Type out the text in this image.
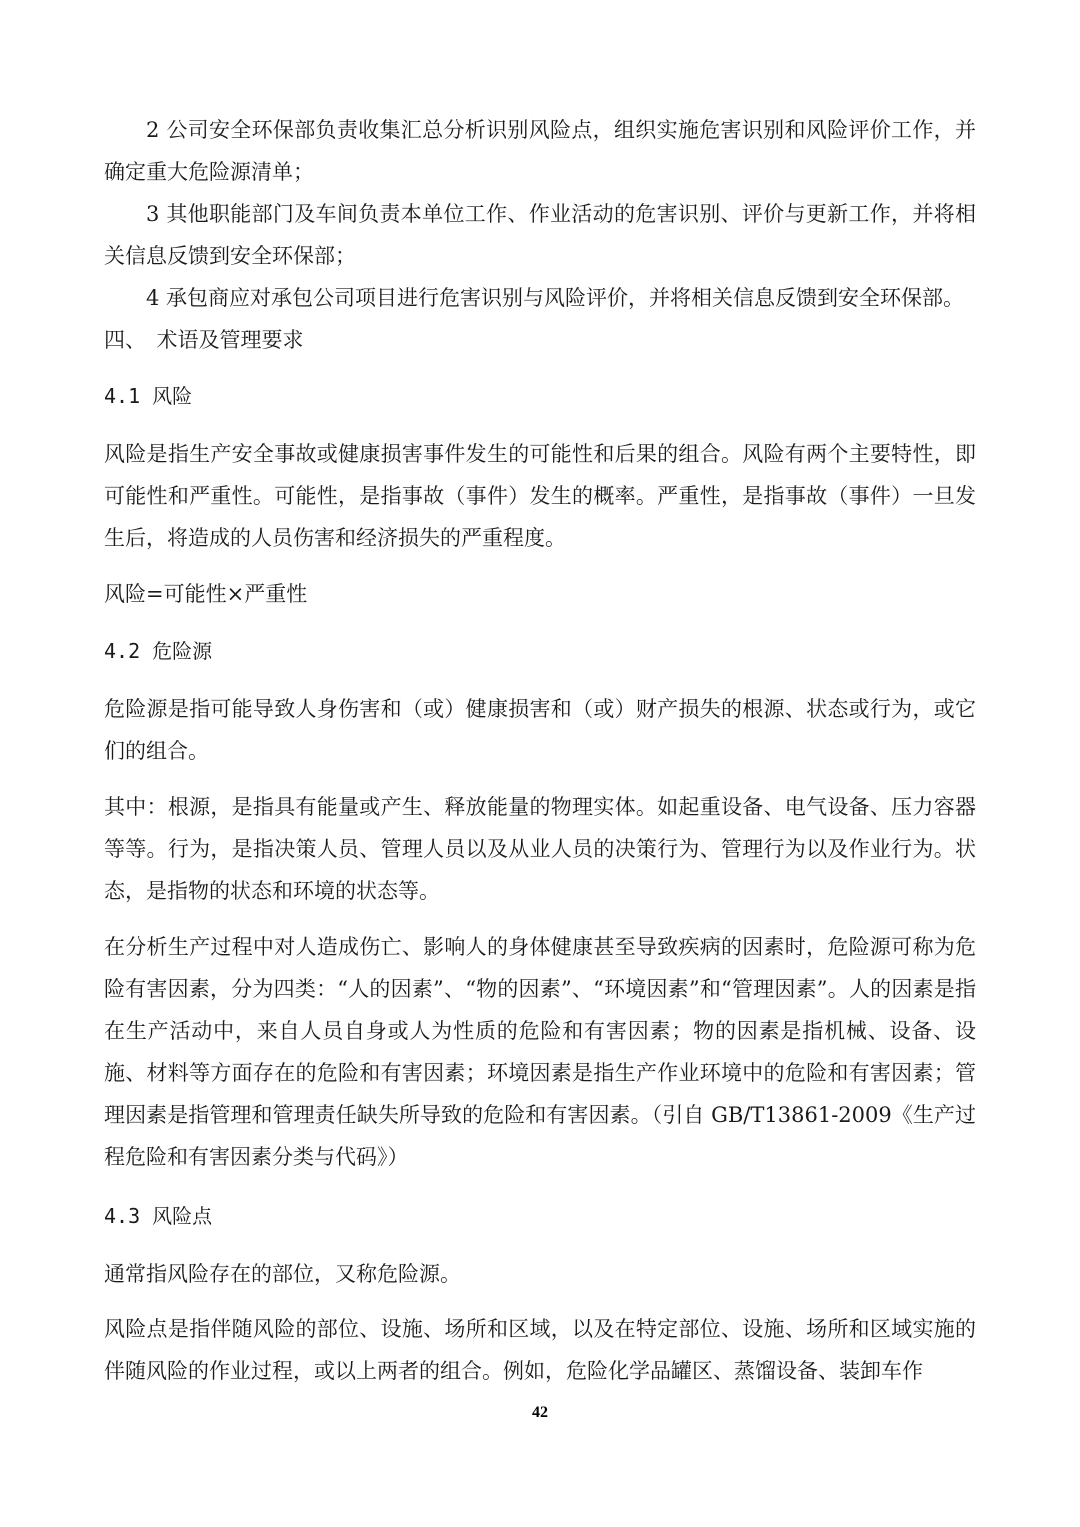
2 公司安全环保部负责收集汇总分析识别风险点，组织实施危害识别和风险评价工作，并确定重大危险源清单；

3 其他职能部门及车间负责本单位工作、作业活动的危害识别、评价与更新工作，并将相关信息反馈到安全环保部；

4 承包商应对承包公司项目进行危害识别与风险评价，并将相关信息反馈到安全环保部。

四、　术语及管理要求

4.1 风险

风险是指生产安全事故或健康损害事件发生的可能性和后果的组合。风险有两个主要特性，即可能性和严重性。可能性，是指事故（事件）发生的概率。严重性，是指事故（事件）一旦发生后，将造成的人员伤害和经济损失的严重程度。

风险=可能性×严重性

4.2 危险源

危险源是指可能导致人身伤害和（或）健康损害和（或）财产损失的根源、状态或行为，或它们的组合。

其中：根源，是指具有能量或产生、释放能量的物理实体。如起重设备、电气设备、压力容器等等。行为，是指决策人员、管理人员以及从业人员的决策行为、管理行为以及作业行为。状态，是指物的状态和环境的状态等。

在分析生产过程中对人造成伤亡、影响人的身体健康甚至导致疾病的因素时，危险源可称为危险有害因素，分为四类：“人的因素”、“物的因素”、“环境因素”和“管理因素”。人的因素是指在生产活动中，来自人员自身或人为性质的危险和有害因素；物的因素是指机械、设备、设施、材料等方面存在的危险和有害因素；环境因素是指生产作业环境中的危险和有害因素；管理因素是指管理和管理责任缺失所导致的危险和有害因素。（引自 GB/T13861-2009《生产过程危险和有害因素分类与代码》）

4.3 风险点

通常指风险存在的部位，又称危险源。

风险点是指伴随风险的部位、设施、场所和区域，以及在特定部位、设施、场所和区域实施的伴随风险的作业过程，或以上两者的组合。例如，危险化学品罐区、蒸馏设备、装卸车作

42
